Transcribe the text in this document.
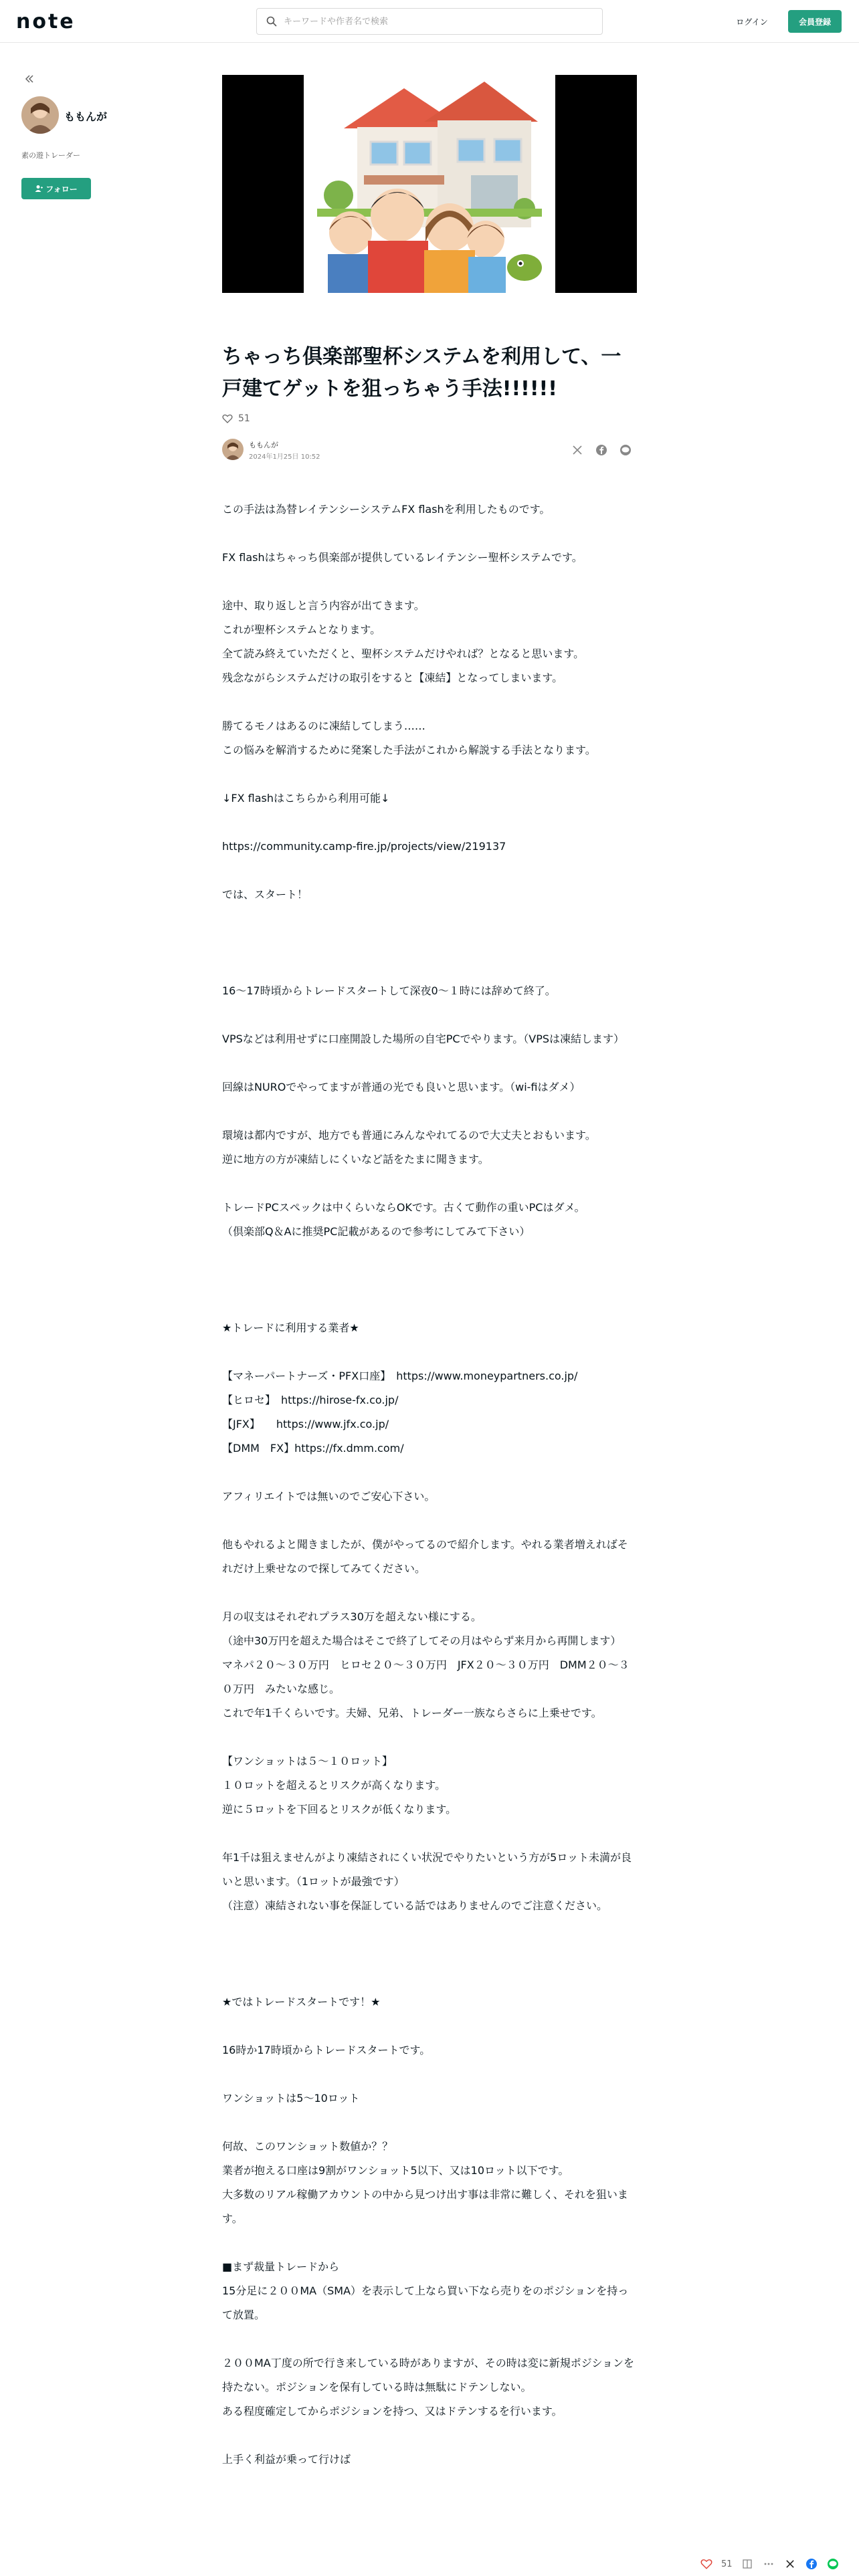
note
キーワードや作者名で検索	ログイン	会員登録
ももんが
素の遊トレーダー
フォロー
ちゃっち倶楽部聖杯システムを利用して、一戸建てゲットを狙っちゃう手法!!!!!!
51
ももんが
2024年1月25日 10:52

この手法は為替レイテンシーシステムFX flashを利用したものです。

FX flashはちゃっち倶楽部が提供しているレイテンシー聖杯システムです。

途中、取り返しと言う内容が出てきます。
これが聖杯システムとなります。
全て読み終えていただくと、聖杯システムだけやれば？となると思います。
残念ながらシステムだけの取引をすると【凍結】となってしまいます。

勝てるモノはあるのに凍結してしまう……
この悩みを解消するために発案した手法がこれから解説する手法となります。

↓FX flashはこちらから利用可能↓

https://community.camp-fire.jp/projects/view/219137

では、スタート！

16〜17時頃からトレードスタートして深夜0〜１時には辞めて終了。

VPSなどは利用せずに口座開設した場所の自宅PCでやります。（VPSは凍結します）

回線はNUROでやってますが普通の光でも良いと思います。（wi-fiはダメ）

環境は都内ですが、地方でも普通にみんなやれてるので大丈夫とおもいます。
逆に地方の方が凍結しにくいなど話をたまに聞きます。

トレードPCスペックは中くらいならOKです。古くて動作の重いPCはダメ。
（倶楽部Q＆Aに推奨PC記載があるので参考にしてみて下さい）

★トレードに利用する業者★

【マネーパートナーズ・PFX口座】　https://www.moneypartners.co.jp/
【ヒロセ】　https://hirose-fx.co.jp/
【JFX】　　https://www.jfx.co.jp/
【DMM　FX】https://fx.dmm.com/

アフィリエイトでは無いのでご安心下さい。

他もやれるよと聞きましたが、僕がやってるので紹介します。やれる業者増えればそれだけ上乗せなので探してみてください。

月の収支はそれぞれプラス30万を超えない様にする。
（途中30万円を超えた場合はそこで終了してその月はやらず来月から再開します）
マネパ２０〜３０万円　ヒロセ２０〜３０万円　JFX２０〜３０万円　DMM２０〜３０万円　みたいな感じ。
これで年1千くらいです。夫婦、兄弟、トレーダー一族ならさらに上乗せです。

【ワンショットは５〜１０ロット】
１０ロットを超えるとリスクが高くなります。
逆に５ロットを下回るとリスクが低くなります。

年1千は狙えませんがより凍結されにくい状況でやりたいという方が5ロット未満が良いと思います。（1ロットが最強です）
（注意）凍結されない事を保証している話ではありませんのでご注意ください。

★ではトレードスタートです！★

16時か17時頃からトレードスタートです。

ワンショットは5〜10ロット

何故、このワンショット数値か？？
業者が抱える口座は9割がワンショット5以下、又は10ロット以下です。
大多数のリアル稼働アカウントの中から見つけ出す事は非常に難しく、それを狙います。

■まず裁量トレードから
15分足に２００MA（SMA）を表示して上なら買い下なら売りをのポジションを持って放置。

２００MA丁度の所で行き来している時がありますが、その時は変に新規ポジションを持たない。ポジションを保有している時は無駄にドテンしない。
ある程度確定してからポジションを持つ、又はドテンするを行います。

上手く利益が乗って行けば

51
